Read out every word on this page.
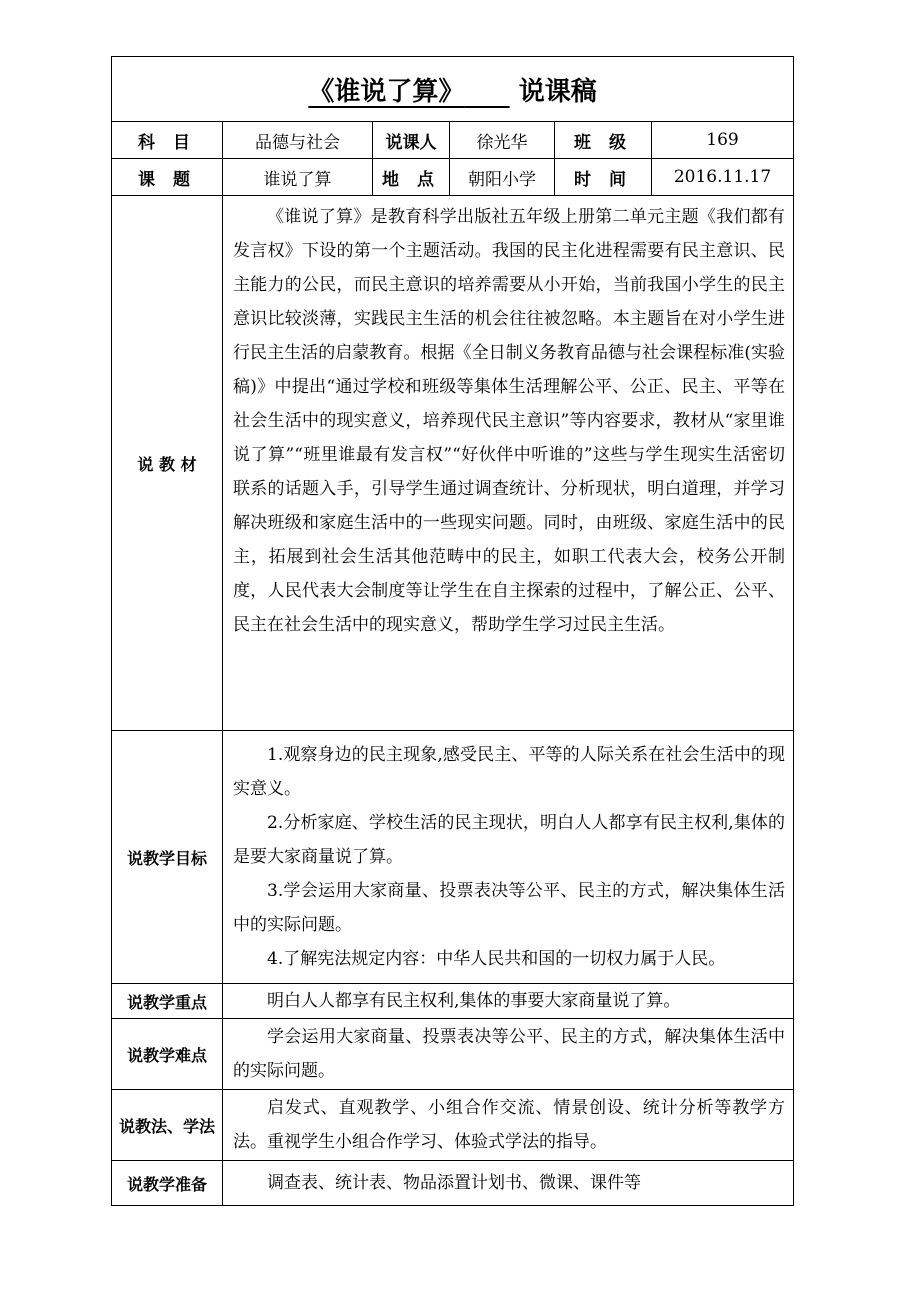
《谁说了算》 说课稿					
科 目	品德与社会	说课人	徐光华	班 级	169
课 题	谁说了算	地 点	朝阳小学	时 间	2016.11.17
说 教 材	《谁说了算》是教育科学出版社五年级上册第二单元主题《我们都有发言权》下设的第一个主题活动。我国的民主化进程需要有民主意识、民主能力的公民，而民主意识的培养需要从小开始，当前我国小学生的民主意识比较淡薄，实践民主生活的机会往往被忽略。本主题旨在对小学生进行民主生活的启蒙教育。根据《全日制义务教育品德与社会课程标准(实验稿)》中提出“通过学校和班级等集体生活理解公平、公正、民主、平等在社会生活中的现实意义，培养现代民主意识”等内容要求，教材从“家里谁说了算”“班里谁最有发言权”“好伙伴中听谁的”这些与学生现实生活密切联系的话题入手，引导学生通过调查统计、分析现状，明白道理，并学习解决班级和家庭生活中的一些现实问题。同时，由班级、家庭生活中的民主，拓展到社会生活其他范畴中的民主，如职工代表大会，校务公开制度，人民代表大会制度等让学生在自主探索的过程中，了解公正、公平、民主在社会生活中的现实意义，帮助学生学习过民主生活。				

说教学目标	1.观察身边的民主现象,感受民主、平等的人际关系在社会生活中的现实意义。

2.分析家庭、学校生活的民主现状，明白人人都享有民主权利,集体的是要大家商量说了算。

3.学会运用大家商量、投票表决等公平、民主的方式，解决集体生活中的实际问题。

4.了解宪法规定内容：中华人民共和国的一切权力属于人民。				

说教学重点	明白人人都享有民主权利,集体的事要大家商量说了算。				

说教学难点	学会运用大家商量、投票表决等公平、民主的方式，解决集体生活中的实际问题。				

说教法、学法	启发式、直观教学、小组合作交流、情景创设、统计分析等教学方法。重视学生小组合作学习、体验式学法的指导。				

说教学准备	调查表、统计表、物品添置计划书、微课、课件等				
